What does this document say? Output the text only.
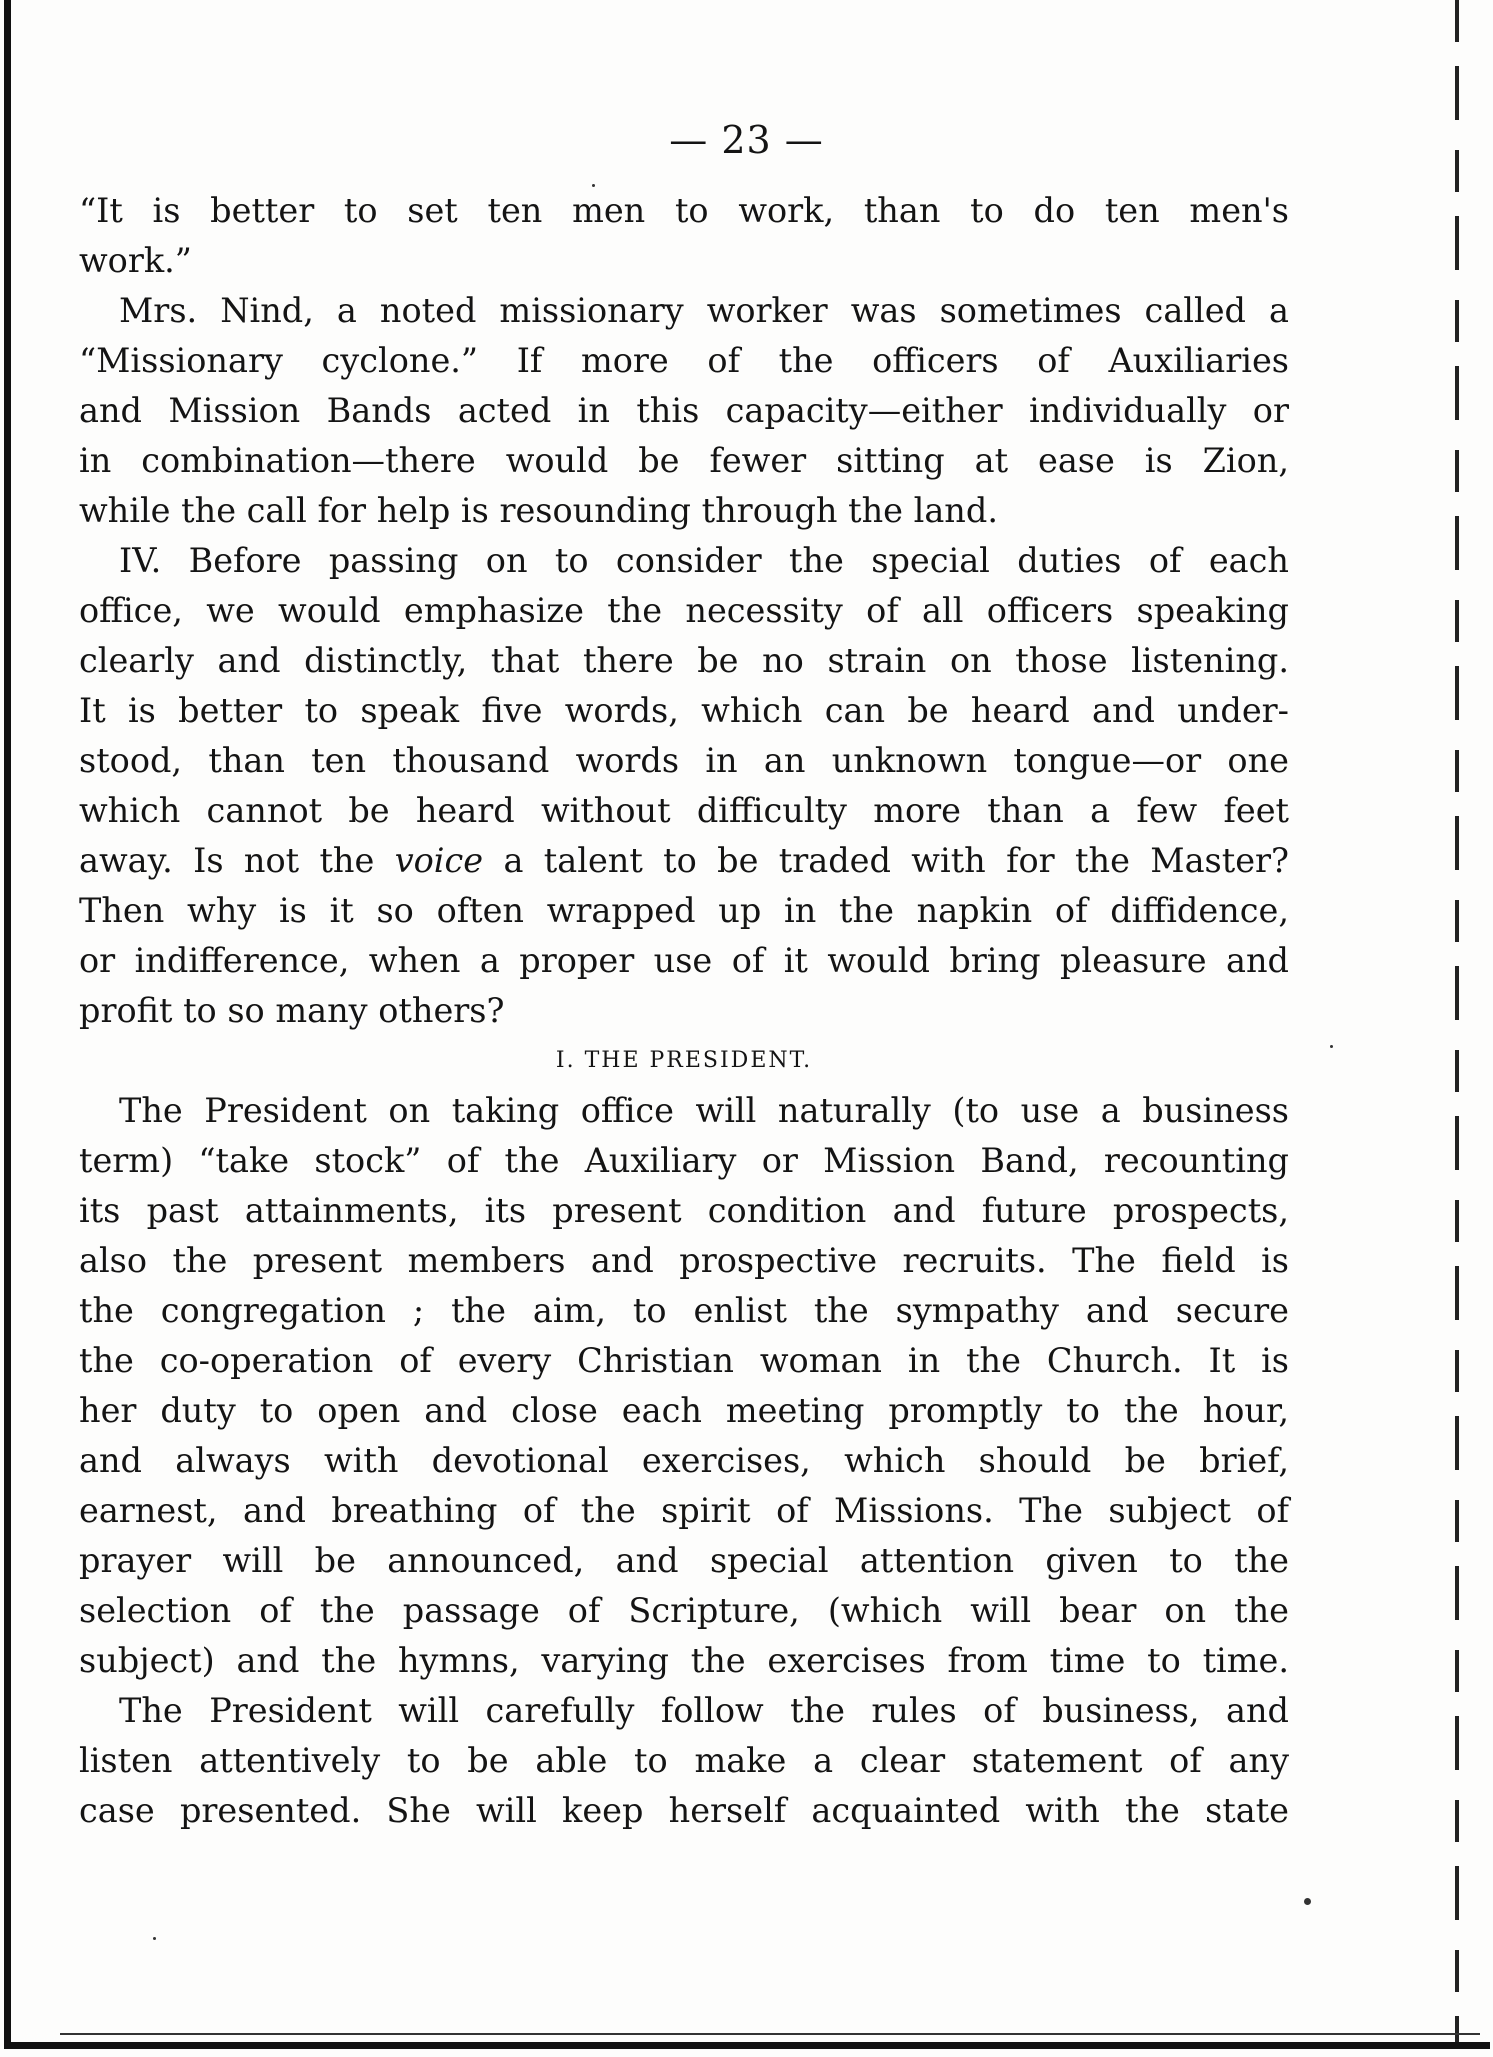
— 23 —

“It is better to set ten men to work, than to do ten men's
work.”

Mrs. Nind, a noted missionary worker was sometimes called a
“Missionary cyclone.” If more of the officers of Auxiliaries
and Mission Bands acted in this capacity—either individually or
in combination—there would be fewer sitting at ease is Zion,
while the call for help is resounding through the land.

IV. Before passing on to consider the special duties of each
office, we would emphasize the necessity of all officers speaking
clearly and distinctly, that there be no strain on those listening.
It is better to speak five words, which can be heard and under-
stood, than ten thousand words in an unknown tongue—or one
which cannot be heard without difficulty more than a few feet
away. Is not the voice a talent to be traded with for the Master?
Then why is it so often wrapped up in the napkin of diffidence,
or indifference, when a proper use of it would bring pleasure and
profit to so many others?

I. THE PRESIDENT.

The President on taking office will naturally (to use a business
term) “take stock” of the Auxiliary or Mission Band, recounting
its past attainments, its present condition and future prospects,
also the present members and prospective recruits. The field is
the congregation ; the aim, to enlist the sympathy and secure
the co-operation of every Christian woman in the Church. It is
her duty to open and close each meeting promptly to the hour,
and always with devotional exercises, which should be brief,
earnest, and breathing of the spirit of Missions. The subject of
prayer will be announced, and special attention given to the
selection of the passage of Scripture, (which will bear on the
subject) and the hymns, varying the exercises from time to time.

The President will carefully follow the rules of business, and
listen attentively to be able to make a clear statement of any
case presented. She will keep herself acquainted with the state
